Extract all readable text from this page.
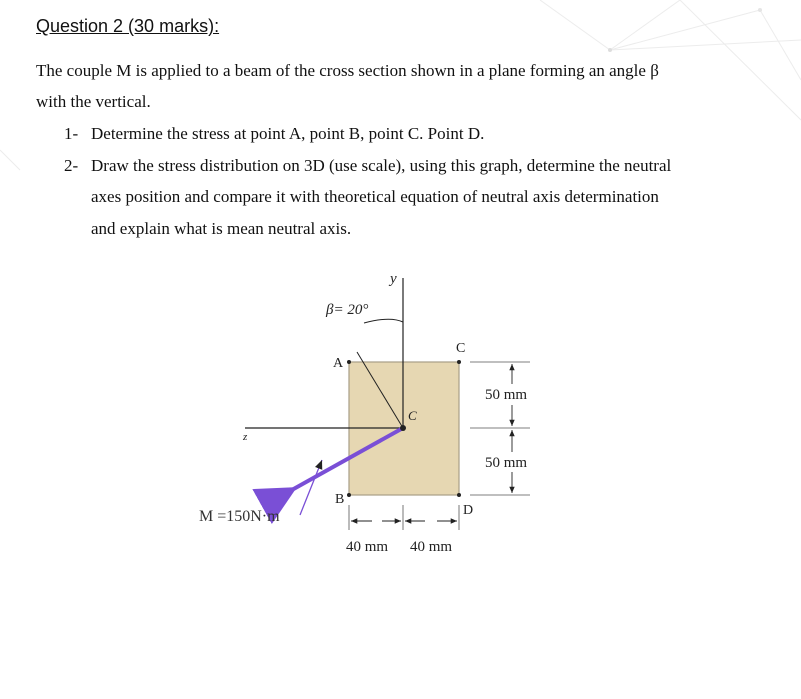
Question 2 (30 marks):
The couple M is applied to a beam of the cross section shown in a plane forming an angle β
with the vertical.
1- Determine the stress at point A, point B, point C. Point D.
2- Draw the stress distribution on 3D (use scale), using this graph, determine the neutral
axes position and compare it with theoretical equation of neutral axis determination
and explain what is mean neutral axis.
y
β= 20°
A
C
C
B
D
z
50 mm
50 mm
40 mm 40 mm
M =150N·m
